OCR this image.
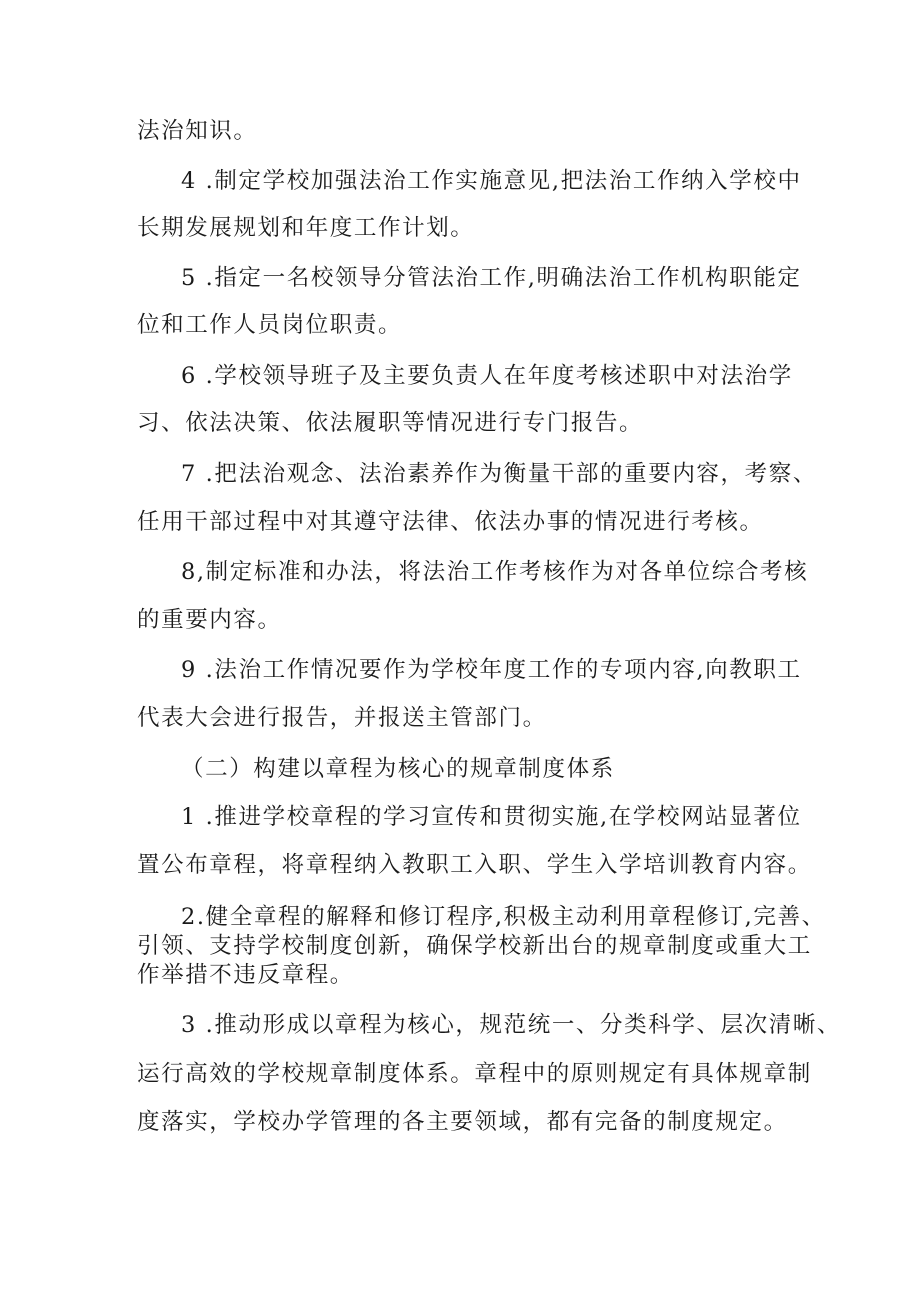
法治知识。
4 .制定学校加强法治工作实施意见,把法治工作纳入学校中
长期发展规划和年度工作计划。
5 .指定一名校领导分管法治工作,明确法治工作机构职能定
位和工作人员岗位职责。
6 .学校领导班子及主要负责人在年度考核述职中对法治学
习、依法决策、依法履职等情况进行专门报告。
7 .把法治观念、法治素养作为衡量干部的重要内容，考察、
任用干部过程中对其遵守法律、依法办事的情况进行考核。
8,制定标准和办法，将法治工作考核作为对各单位综合考核
的重要内容。
9 .法治工作情况要作为学校年度工作的专项内容,向教职工
代表大会进行报告，并报送主管部门。
（二）构建以章程为核心的规章制度体系
1 .推进学校章程的学习宣传和贯彻实施,在学校网站显著位
置公布章程，将章程纳入教职工入职、学生入学培训教育内容。
2.健全章程的解释和修订程序,积极主动利用章程修订,完善、
引领、支持学校制度创新，确保学校新出台的规章制度或重大工
作举措不违反章程。
3 .推动形成以章程为核心，规范统一、分类科学、层次清晰、
运行高效的学校规章制度体系。章程中的原则规定有具体规章制
度落实，学校办学管理的各主要领域，都有完备的制度规定。
